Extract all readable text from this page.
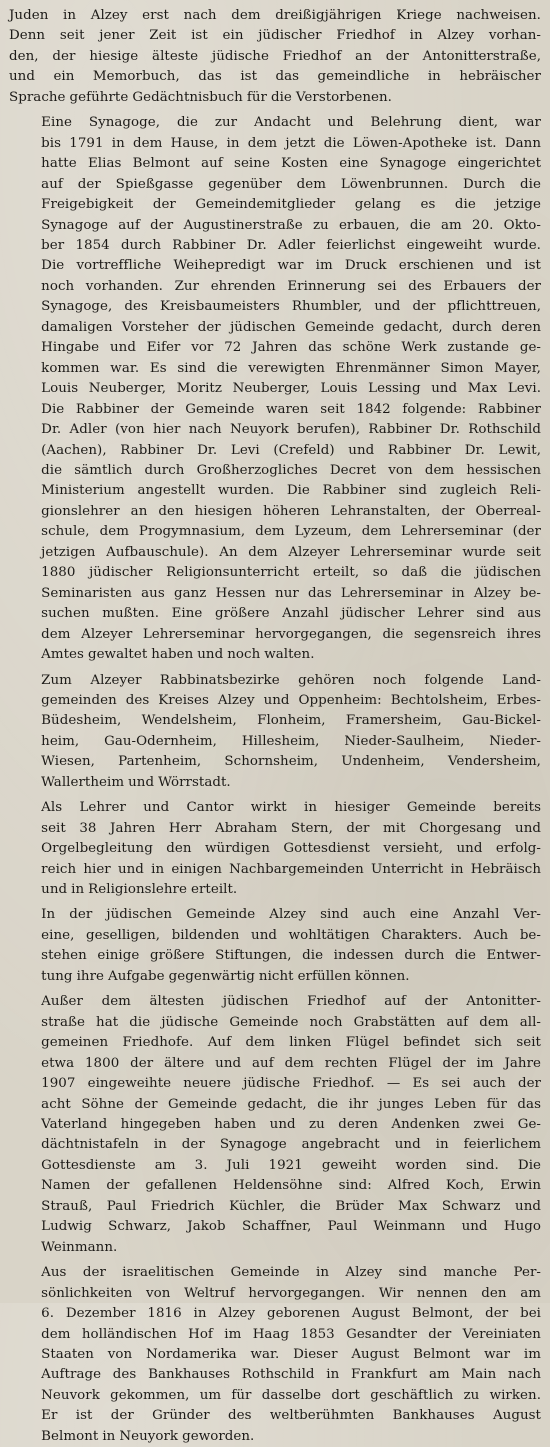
Juden in Alzey erst nach dem dreißigjährigen Kriege nachweisen.
Denn seit jener Zeit ist ein jüdischer Friedhof in Alzey vorhan-
den, der hiesige älteste jüdische Friedhof an der Antonitterstraße,
und ein Memorbuch, das ist das gemeindliche in hebräischer
Sprache geführte Gedächtnisbuch für die Verstorbenen.

Eine Synagoge, die zur Andacht und Belehrung dient, war
bis 1791 in dem Hause, in dem jetzt die Löwen-Apotheke ist. Dann
hatte Elias Belmont auf seine Kosten eine Synagoge eingerichtet
auf der Spießgasse gegenüber dem Löwenbrunnen. Durch die
Freigebigkeit der Gemeindemitglieder gelang es die jetzige
Synagoge auf der Augustinerstraße zu erbauen, die am 20. Okto-
ber 1854 durch Rabbiner Dr. Adler feierlichst eingeweiht wurde.
Die vortreffliche Weihepredigt war im Druck erschienen und ist
noch vorhanden. Zur ehrenden Erinnerung sei des Erbauers der
Synagoge, des Kreisbaumeisters Rhumbler, und der pflichttreuen,
damaligen Vorsteher der jüdischen Gemeinde gedacht, durch deren
Hingabe und Eifer vor 72 Jahren das schöne Werk zustande ge-
kommen war. Es sind die verewigten Ehrenmänner Simon Mayer,
Louis Neuberger, Moritz Neuberger, Louis Lessing und Max Levi.
Die Rabbiner der Gemeinde waren seit 1842 folgende: Rabbiner
Dr. Adler (von hier nach Neuyork berufen), Rabbiner Dr. Rothschild
(Aachen), Rabbiner Dr. Levi (Crefeld) und Rabbiner Dr. Lewit,
die sämtlich durch Großherzogliches Decret von dem hessischen
Ministerium angestellt wurden. Die Rabbiner sind zugleich Reli-
gionslehrer an den hiesigen höheren Lehranstalten, der Oberreal-
schule, dem Progymnasium, dem Lyzeum, dem Lehrerseminar (der
jetzigen Aufbauschule). An dem Alzeyer Lehrerseminar wurde seit
1880 jüdischer Religionsunterricht erteilt, so daß die jüdischen
Seminaristen aus ganz Hessen nur das Lehrerseminar in Alzey be-
suchen mußten. Eine größere Anzahl jüdischer Lehrer sind aus
dem Alzeyer Lehrerseminar hervorgegangen, die segensreich ihres
Amtes gewaltet haben und noch walten.

Zum Alzeyer Rabbinatsbezirke gehören noch folgende Land-
gemeinden des Kreises Alzey und Oppenheim: Bechtolsheim, Erbes-
Büdesheim, Wendelsheim, Flonheim, Framersheim, Gau-Bickel-
heim, Gau-Odernheim, Hillesheim, Nieder-Saulheim, Nieder-
Wiesen, Partenheim, Schornsheim, Undenheim, Vendersheim,
Wallertheim und Wörrstadt.

Als Lehrer und Cantor wirkt in hiesiger Gemeinde bereits
seit 38 Jahren Herr Abraham Stern, der mit Chorgesang und
Orgelbegleitung den würdigen Gottesdienst versieht, und erfolg-
reich hier und in einigen Nachbargemeinden Unterricht in Hebräisch
und in Religionslehre erteilt.

In der jüdischen Gemeinde Alzey sind auch eine Anzahl Ver-
eine, geselligen, bildenden und wohltätigen Charakters. Auch be-
stehen einige größere Stiftungen, die indessen durch die Entwer-
tung ihre Aufgabe gegenwärtig nicht erfüllen können.

Außer dem ältesten jüdischen Friedhof auf der Antonitter-
straße hat die jüdische Gemeinde noch Grabstätten auf dem all-
gemeinen Friedhofe. Auf dem linken Flügel befindet sich seit
etwa 1800 der ältere und auf dem rechten Flügel der im Jahre
1907 eingeweihte neuere jüdische Friedhof. — Es sei auch der
acht Söhne der Gemeinde gedacht, die ihr junges Leben für das
Vaterland hingegeben haben und zu deren Andenken zwei Ge-
dächtnistafeln in der Synagoge angebracht und in feierlichem
Gottesdienste am 3. Juli 1921 geweiht worden sind. Die
Namen der gefallenen Heldensöhne sind: Alfred Koch, Erwin
Strauß, Paul Friedrich Küchler, die Brüder Max Schwarz und
Ludwig Schwarz, Jakob Schaffner, Paul Weinmann und Hugo
Weinmann.

Aus der israelitischen Gemeinde in Alzey sind manche Per-
sönlichkeiten von Weltruf hervorgegangen. Wir nennen den am
6. Dezember 1816 in Alzey geborenen August Belmont, der bei
dem holländischen Hof im Haag 1853 Gesandter der Vereiniaten
Staaten von Nordamerika war. Dieser August Belmont war im
Auftrage des Bankhauses Rothschild in Frankfurt am Main nach
Neuvork gekommen, um für dasselbe dort geschäftlich zu wirken.
Er ist der Gründer des weltberühmten Bankhauses August
Belmont in Neuyork geworden.
